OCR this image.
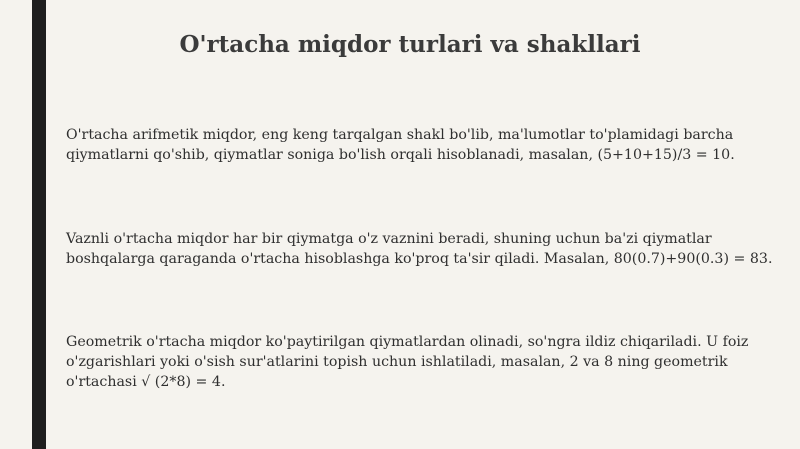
O'rtacha miqdor turlari va shakllari

O'rtacha arifmetik miqdor, eng keng tarqalgan shakl bo'lib, ma'lumotlar to'plamidagi barcha
qiymatlarni qo'shib, qiymatlar soniga bo'lish orqali hisoblanadi, masalan, (5+10+15)/3 = 10.

Vaznli o'rtacha miqdor har bir qiymatga o'z vaznini beradi, shuning uchun ba'zi qiymatlar
boshqalarga qaraganda o'rtacha hisoblashga ko'proq ta'sir qiladi. Masalan, 80(0.7)+90(0.3) = 83.

Geometrik o'rtacha miqdor ko'paytirilgan qiymatlardan olinadi, so'ngra ildiz chiqariladi. U foiz
o'zgarishlari yoki o'sish sur'atlarini topish uchun ishlatiladi, masalan, 2 va 8 ning geometrik
o'rtachasi √ (2*8) = 4.
